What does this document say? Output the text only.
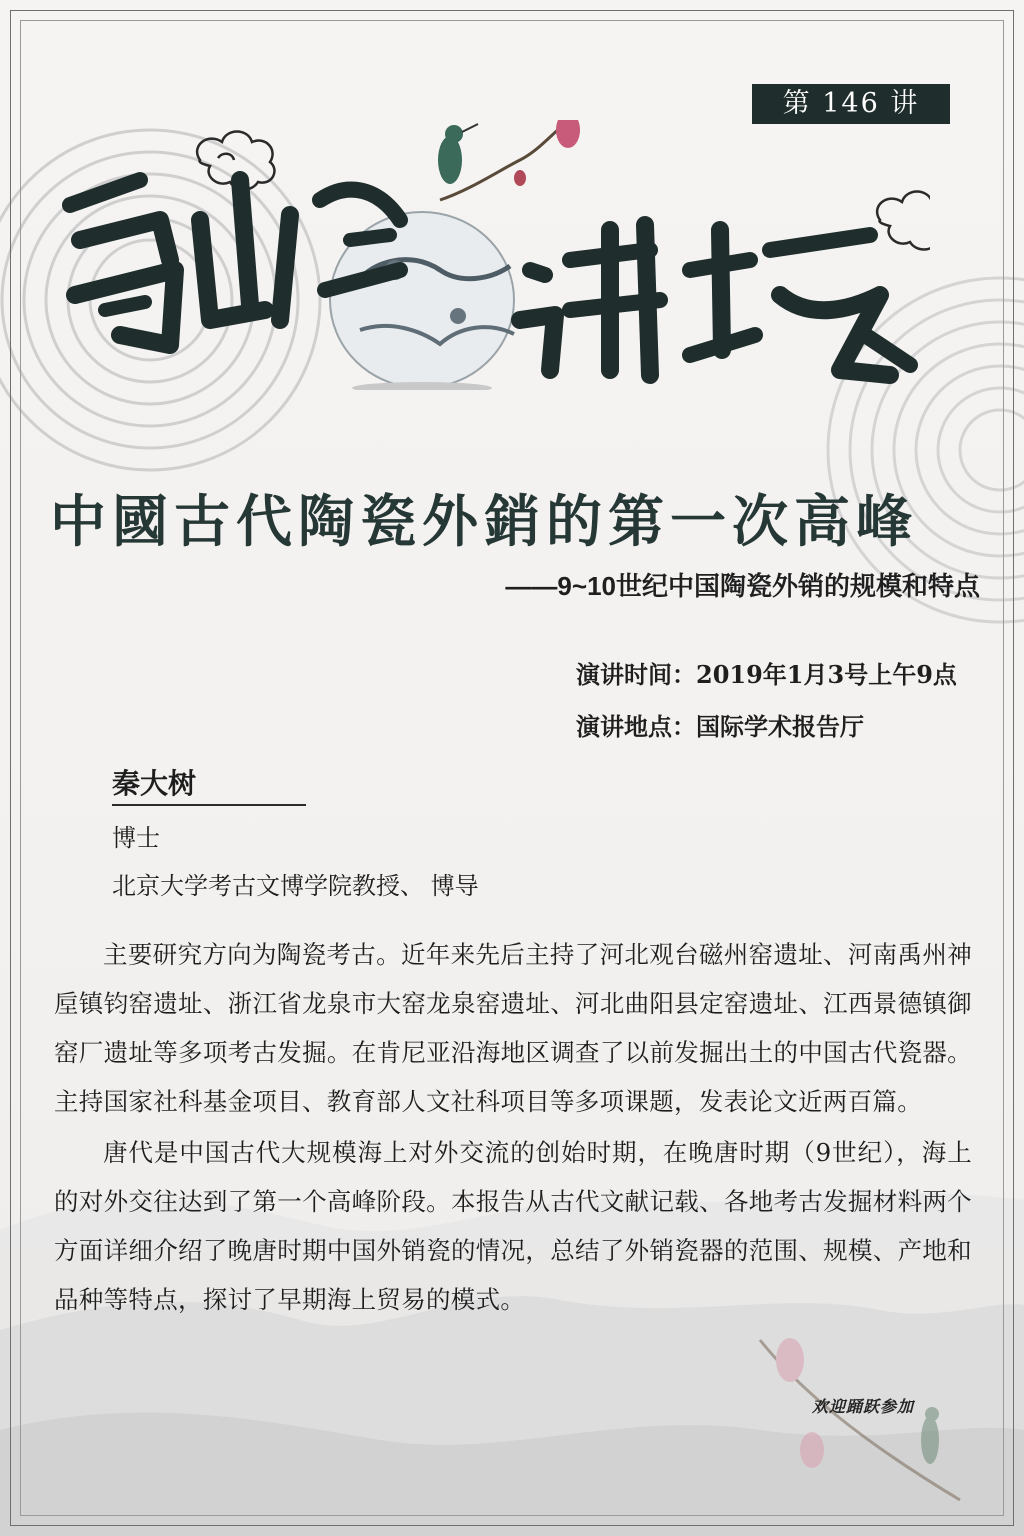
第 146 讲
中國古代陶瓷外銷的第一次高峰
——9~10世纪中国陶瓷外销的规模和特点
演讲时间：2019年1月3号上午9点
演讲地点：国际学术报告厅
秦大树
博士
北京大学考古文博学院教授、 博导

主要研究方向为陶瓷考古。近年来先后主持了河北观台磁州窑遗址、河南禹州神垕镇钧窑遗址、浙江省龙泉市大窑龙泉窑遗址、河北曲阳县定窑遗址、江西景德镇御窑厂遗址等多项考古发掘。在肯尼亚沿海地区调查了以前发掘出土的中国古代瓷器。主持国家社科基金项目、教育部人文社科项目等多项课题，发表论文近两百篇。

唐代是中国古代大规模海上对外交流的创始时期，在晚唐时期（9世纪），海上的对外交往达到了第一个高峰阶段。本报告从古代文献记载、各地考古发掘材料两个方面详细介绍了晚唐时期中国外销瓷的情况，总结了外销瓷器的范围、规模、产地和品种等特点，探讨了早期海上贸易的模式。

欢迎踊跃参加
